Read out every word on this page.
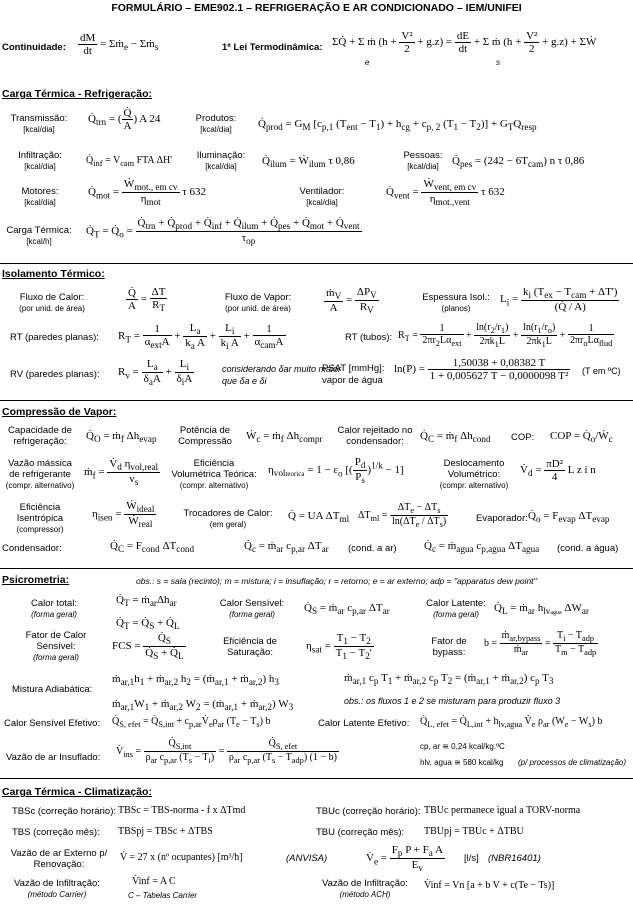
FORMULÁRIO – EME902.1 – REFRIGERAÇÃO E AR CONDICIONADO – IEM/UNIFEI
Continuidade: $\frac{dM}{dt}$ = Σṁ$_e$ − Σṁ$_s$	1ª Lei Termodinâmica: ΣQ̇ + Σ ṁ $(h + \frac{\text{V²}}{2} + g.z) = \frac{dE}{dt} + \Sigma$ ṁ $(h + \frac{\text{V²}}{2} + g.z)$ + ΣẆ
e	s
Carga Térmica - Refrigeração:
Transmissão:
[kcal/dia]
$Q̇_{trn}$ = ( $\frac{Q̇}{A}$ ) A 24	Produtos:
[kcal/dia]	$Q̇_{prod} = G_M$ [$c_{p,1}$ $(T_{ent} - T_1) + h_{cg} + c_{p, 2}$ $(T_1 - T_2)] + G_TQ_{resp}$
Infiltração:
[kcal/dia]
$Q̇_{inf} = V_{cam}$ FTA ΔH'	Iluminação:
[kcal/dia]	$Q̇_{ilum}$ = Ẇ$_{ilum}$ τ 0,86	Pessoas:
[kcal/dia]	$Q̇_{pes} = (242 - 6T_{cam})$ n τ 0,86
Motores:
[kcal/dia]
$Q̇_{mot} = \frac{Ẇ_{mot., em cv}}{\eta_{mot}}$ τ 632	Ventilador:
[kcal/dia]
$Q̇_{vent} = \frac{Ẇ_{vent, em cv}}{\eta_{mot.,vent}}$ τ 632
Carga Térmica:
[kcal/h]
$Q̇_T$ = $Q̇_o = \frac{Q̇_{trn} + Q̇_{prod} + Q̇_{inf} + Q̇_{ilum} + Q̇_{pes} + Q̇_{mot} + Q̇_{vent}}{\tau_{op}}$
Isolamento Térmico:
Fluxo de Calor:
(por unid. de área)	$\frac{Q̇}{A} = \frac{\Delta T}{R_T}$	Fluxo de Vapor:
(por unid. de área)	$\frac{ṁ_V}{A} = \frac{\Delta P_V}{R_V}$	Espessura Isol.:
(planos)
$L_i = \frac{k_i (T_{ex} - T_{cam} + \Delta T')}{(Q̇ / A)}$
RT (paredes planas): $R_T = \frac{1}{\alpha_{ext}A} + \frac{L_a}{k_a A} + \frac{L_i}{k_i A} + \frac{1}{\alpha_{cam}A}$	RT (tubos): $R_T = \frac{1}{2\pi r_2L\alpha_{ext}} + \frac{\ln(r_2/r_1)}{2\pi k_1L} + \frac{\ln(r_1/r_o)}{2\pi k_1L} + \frac{1}{2\pi r_oL\alpha_{flud}}$
RV (paredes planas): $R_v = \frac{L_a}{\delta_aA} + \frac{L_i}{\delta_iA}$	considerando δar muito maior
que δa e δi
PSAT [mmHg]:
vapor de água
$\ln(P) = \frac{1,50038 + 0,08382 T}{\text{1 + 0,005627 T − 0,0000098 T²}} (T$ em ºC)
Compressão de Vapor:
Capacidade de refrigeração:	$Q̇_O$ = ṁ$_f$ $\Delta h_{evap}$
Potência de Compressão	Ẇ$_c$ = ṁ$_f$ $\Delta h_{compr}$
Calor rejeitado no condensador:	$Q̇_C$ = ṁ$_f$ $\Delta h_{cond}$ COP: COP = $Q̇_o/Ẇ_c$
Vazão mássica de refrigerante
(compr. alternativo)
ṁ$_f$ = $\frac{V̇_d \eta_{vol,real}}{v_s}$	Eficiência Volumétrica Teórica:
(compr. alternativo)
$\eta_{volteorica} = 1 - \varepsilon_o$ [( $\frac{P_d}{P_s} )^{1/k} - 1$]
Deslocamento Volumétrico:
(compr. alternativo)
$V̇_d = \frac{\text{πD²}}{4}$ L z i n
Eficiência Isentrópica
(compressor)
$\eta_{isen} = \frac{Ẇ_{ideal}}{Ẇ_{real}}$	Trocadores de Calor:
(em geral)
Q̇ = UA $\Delta T_{ml}$ $\Delta T_{ml} = \frac{\Delta T_e - \Delta T_s}{\ln(\Delta T_e / \Delta T_s)}$	Evaporador: $Q̇_o = F_{evap}$ $\Delta T_{evap}$
Condensador:	$Q̇_C = F_{cond}$ $\Delta T_{cond}$	$Q̇_c$ = ṁ$_{ar}$ $c_{p,ar}$ $\Delta T_{ar}$ (cond. a ar) $Q̇_c$ = ṁ$_{agua}$ $c_{p,agua}$ $\Delta T_{agua}$ (cond. a água)
Psicrometria:	obs.: s = sala (recinto); m = mistura; i = insuflação; r = retorno; e = ar externo; adp = "apparatus dew point"
Calor total:
(forma geral)
$Q̇_T$ = $ṁ_{ar}\Delta h_{ar}$
$Q̇_T$ = $Q̇_S$ + $Q̇_L$
Calor Sensível:
(forma geral)
$Q̇_S$ = ṁ$_{ar}$ $c_{p,ar}$ $\Delta T_{ar}$
Calor Latente:
(forma geral)
$Q̇_L$ = ṁ$_{ar}$ $h_{lvagua}$ $\Delta W_{ar}$
Fator de Calor Sensível:
(forma geral)
FCS = $\frac{Q̇_S}{Q̇_S + Q̇_L}$	Eficiência de Saturação:
$\eta_{sat} = \frac{T_1 - T_2}{T_1 - T_2'}$	Fator de bypass:
$b = \frac{ṁ_{ar,bypass}}{ṁ_{ar}} = \frac{T_i - T_{adp}}{T_m - T_{adp}}$
Mistura Adiabática:
$ṁ_{ar,1}h_1$ + ṁ$_{ar,2}$ $h_2$ = (ṁ$_{ar,1}$ + ṁ$_{ar,2}$) $h_3$
$ṁ_{ar,1}W_1$ + ṁ$_{ar,2}$ $W_2$ = (ṁ$_{ar,1}$ + ṁ$_{ar,2}$) $W_3$
ṁ$_{ar,1}$ $c_p$ $T_1$ + ṁ$_{ar,2}$ $c_p$ $T_2$ = (ṁ$_{ar,1}$ + ṁ$_{ar,2}$) $c_p$ $T_3$
obs.: os fluxos 1 e 2 se misturam para produzir fluxo 3
Calor Sensível Efetivo: $Q̇_{S, efet}$ = $Q̇_{S,int}$ + $c_{p,ar}V̇_e\rho_{ar}$ $(T_e - T_s)$ b	Calor Latente Efetivo: $Q̇_{L, efet}$ = $Q̇_{L,int} + h_{lv,agua}$ $V̇_e$ $\rho_{ar}$ $(W_e - W_s)$ b
Vazão de ar Insuflado:
$V̇_{ins} = \frac{Q̇_{S,int}}{\rho_{ar} c_{p,ar} (T_s - T_i)} = \frac{Q̇_{S, efet}}{\rho_{ar} c_{p,ar} (T_s - T_{adp}) (1 - b)}$	cp, ar ≅ 0,24 kcal/kg.ºC
hlv, agua ≅ 580 kcal/kg (p/ processos de climatização)
Carga Térmica - Climatização:
TBSc (correção horário): TBSc = TBS-norma - f x ΔTmd	TBUc (correção horário): TBUc permanece igual a TORV-norma
TBS (correção mês): TBSpj = TBSc + ΔTBS	TBU (correção mês): TBUpj = TBUc + ΔTBU
Vazão de ar Externo p/
Renovação:
V̇ = 27 x (nº ocupantes) [m³/h]	(ANVISA)	$V̇_e = \frac{F_p P + F_a A}{E_v} [l/s]$ (NBR16401)
Vazão de Infiltração:
(método Carrier)
V̇inf = A C
C – Tabelas Carrier
Vazão de Infiltração:
(método ACH)
V̇inf = Vn [a + b V + c(Te − Ts)]
